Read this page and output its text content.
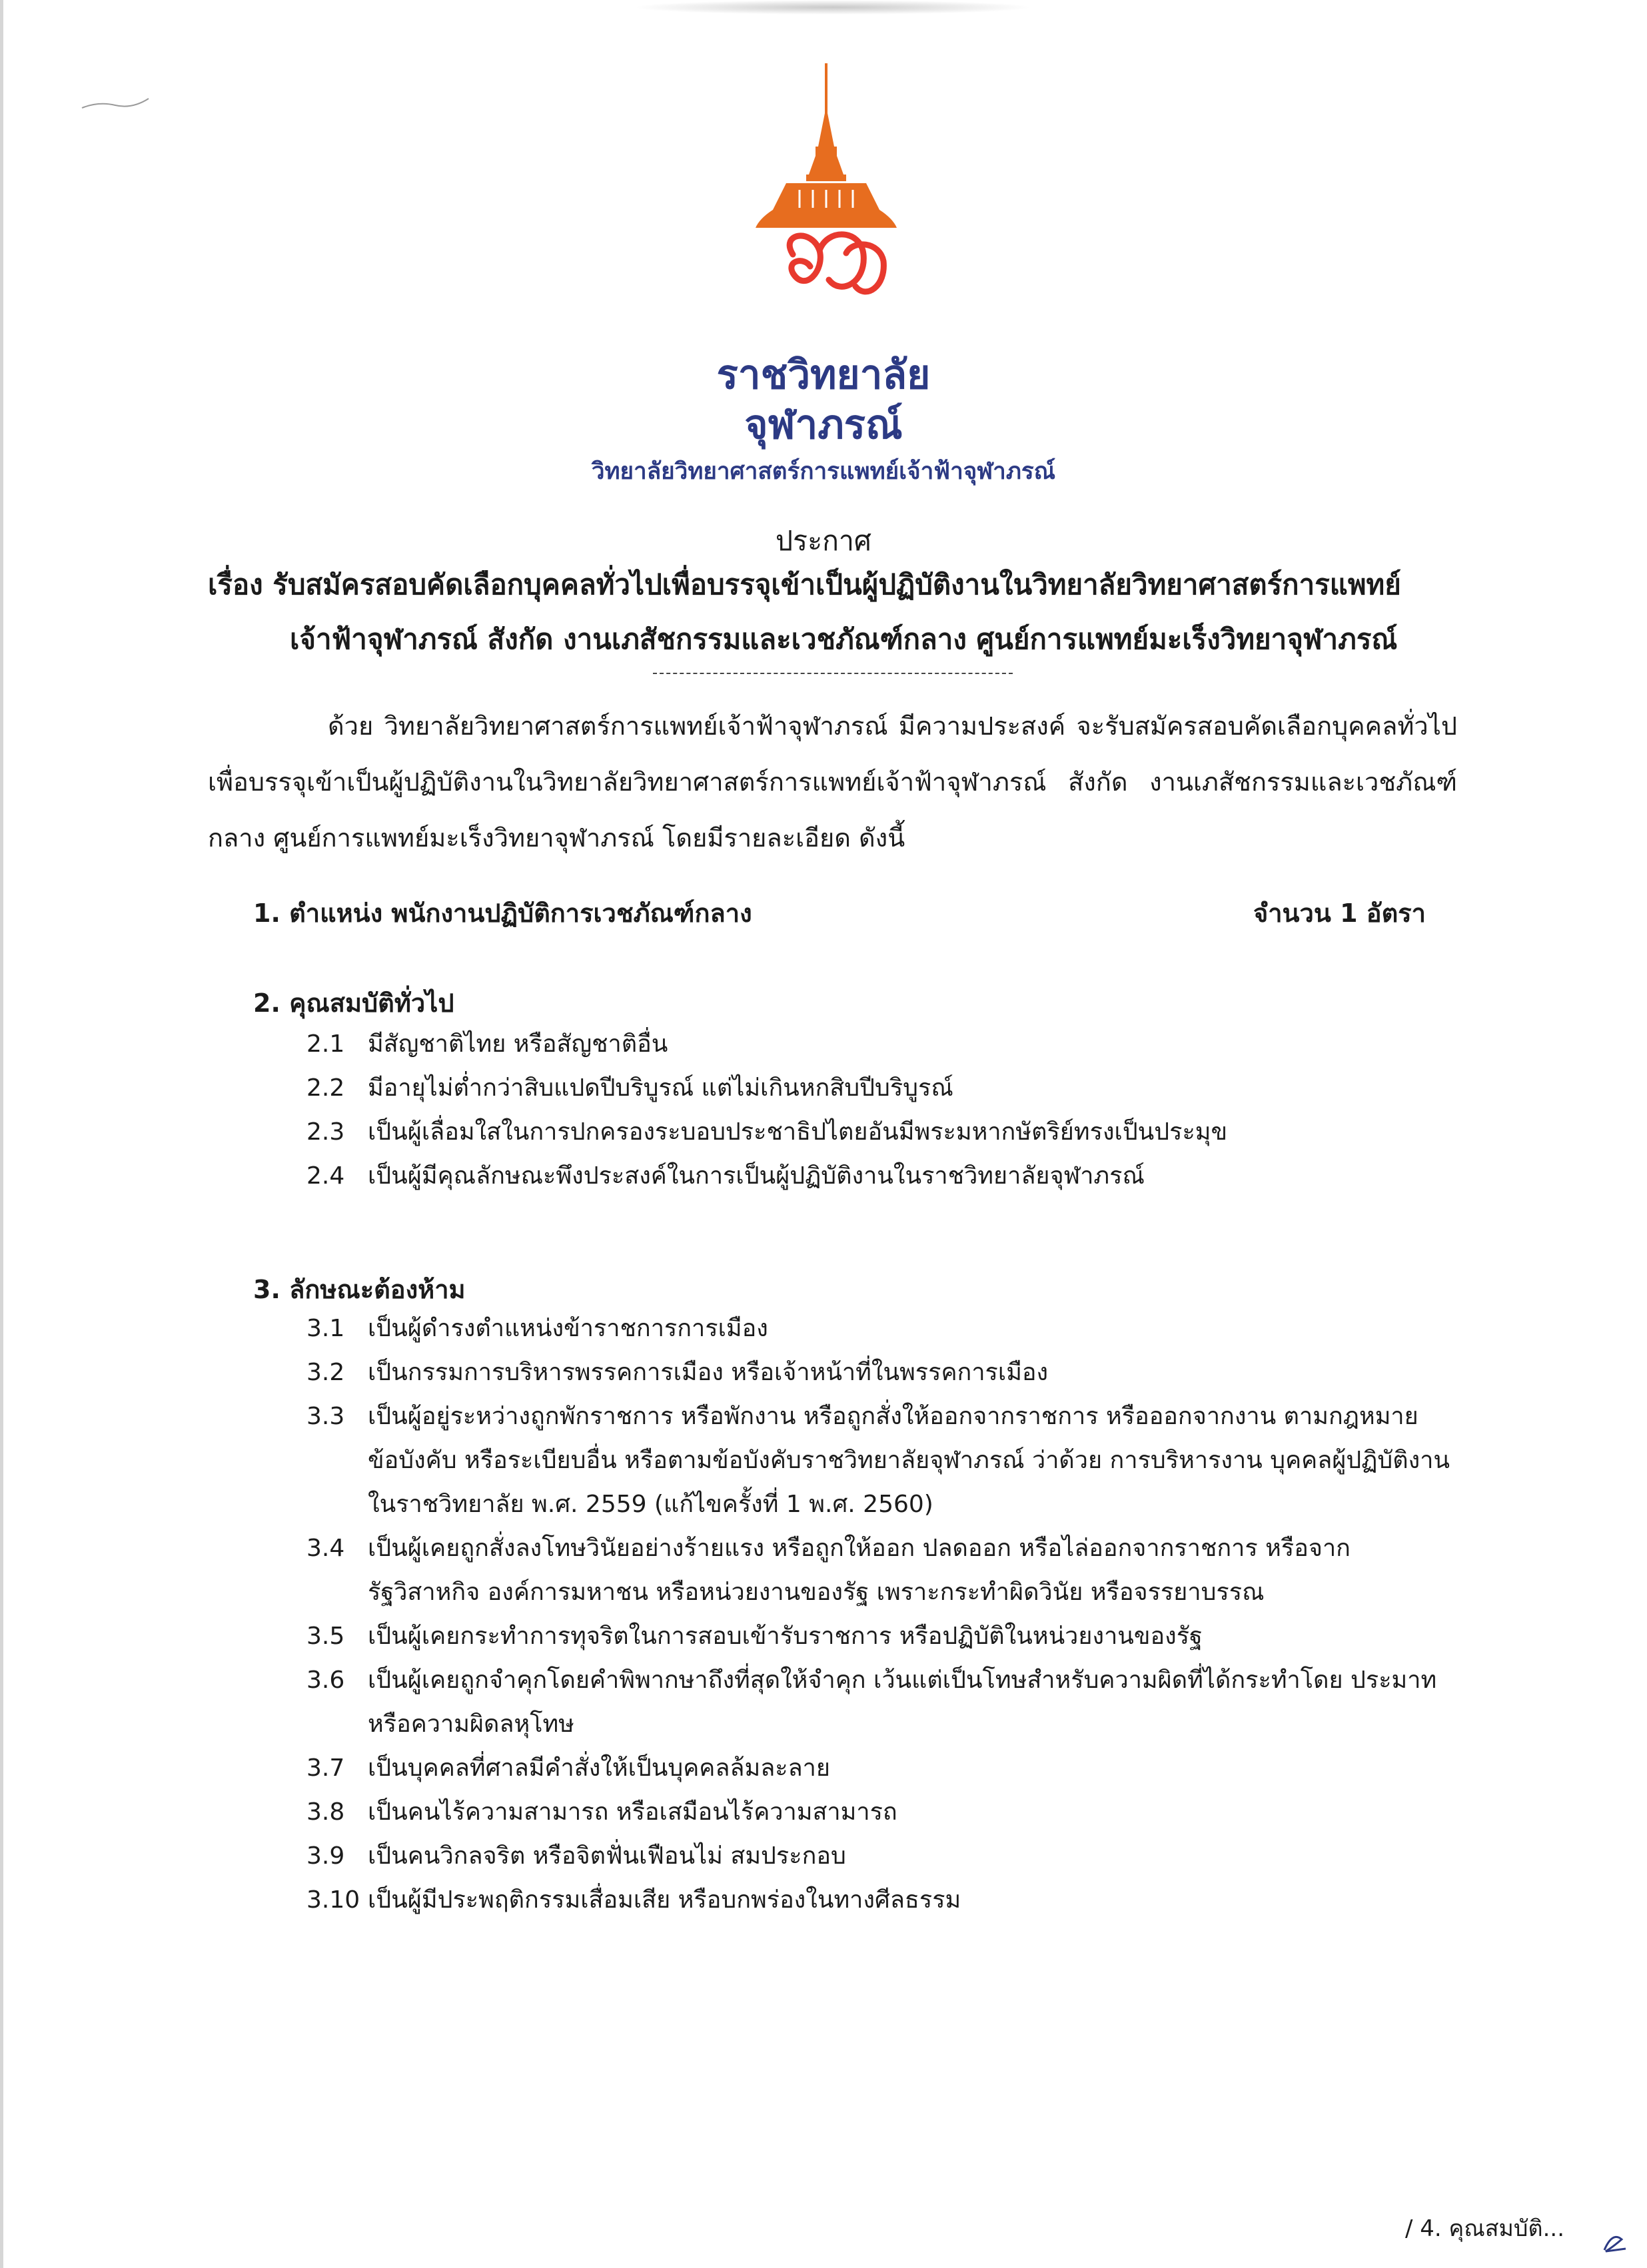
ราชวิทยาลัย
จุฬาภรณ์
วิทยาลัยวิทยาศาสตร์การแพทย์เจ้าฟ้าจุฬาภรณ์
ประกาศ
เรื่อง รับสมัครสอบคัดเลือกบุคคลทั่วไปเพื่อบรรจุเข้าเป็นผู้ปฏิบัติงานในวิทยาลัยวิทยาศาสตร์การแพทย์
เจ้าฟ้าจุฬาภรณ์ สังกัด งานเภสัชกรรมและเวชภัณฑ์กลาง ศูนย์การแพทย์มะเร็งวิทยาจุฬาภรณ์
ด้วย วิทยาลัยวิทยาศาสตร์การแพทย์เจ้าฟ้าจุฬาภรณ์ มีความประสงค์ จะรับสมัครสอบคัดเลือกบุคคลทั่วไป เพื่อบรรจุเข้าเป็นผู้ปฏิบัติงานในวิทยาลัยวิทยาศาสตร์การแพทย์เจ้าฟ้าจุฬาภรณ์ สังกัด งานเภสัชกรรมและเวชภัณฑ์กลาง ศูนย์การแพทย์มะเร็งวิทยาจุฬาภรณ์ โดยมีรายละเอียด ดังนี้
1. ตำแหน่ง พนักงานปฏิบัติการเวชภัณฑ์กลาง	จำนวน 1 อัตรา
2. คุณสมบัติทั่วไป
2.1 มีสัญชาติไทย หรือสัญชาติอื่น
2.2 มีอายุไม่ต่ำกว่าสิบแปดปีบริบูรณ์ แต่ไม่เกินหกสิบปีบริบูรณ์
2.3 เป็นผู้เลื่อมใสในการปกครองระบอบประชาธิปไตยอันมีพระมหากษัตริย์ทรงเป็นประมุข
2.4 เป็นผู้มีคุณลักษณะพึงประสงค์ในการเป็นผู้ปฏิบัติงานในราชวิทยาลัยจุฬาภรณ์
3. ลักษณะต้องห้าม
3.1 เป็นผู้ดำรงตำแหน่งข้าราชการการเมือง
3.2 เป็นกรรมการบริหารพรรคการเมือง หรือเจ้าหน้าที่ในพรรคการเมือง
3.3 เป็นผู้อยู่ระหว่างถูกพักราชการ หรือพักงาน หรือถูกสั่งให้ออกจากราชการ หรือออกจากงาน ตามกฎหมาย ข้อบังคับ หรือระเบียบอื่น หรือตามข้อบังคับราชวิทยาลัยจุฬาภรณ์ ว่าด้วย การบริหารงาน บุคคลผู้ปฏิบัติงานในราชวิทยาลัย พ.ศ. 2559 (แก้ไขครั้งที่ 1 พ.ศ. 2560)
3.4 เป็นผู้เคยถูกสั่งลงโทษวินัยอย่างร้ายแรง หรือถูกให้ออก ปลดออก หรือไล่ออกจากราชการ หรือจาก รัฐวิสาหกิจ องค์การมหาชน หรือหน่วยงานของรัฐ เพราะกระทำผิดวินัย หรือจรรยาบรรณ
3.5 เป็นผู้เคยกระทำการทุจริตในการสอบเข้ารับราชการ หรือปฏิบัติในหน่วยงานของรัฐ
3.6 เป็นผู้เคยถูกจำคุกโดยคำพิพากษาถึงที่สุดให้จำคุก เว้นแต่เป็นโทษสำหรับความผิดที่ได้กระทำโดย ประมาทหรือความผิดลหุโทษ
3.7 เป็นบุคคลที่ศาลมีคำสั่งให้เป็นบุคคลล้มละลาย
3.8 เป็นคนไร้ความสามารถ หรือเสมือนไร้ความสามารถ
3.9 เป็นคนวิกลจริต หรือจิตฟั่นเฟือนไม่ สมประกอบ
3.10 เป็นผู้มีประพฤติกรรมเสื่อมเสีย หรือบกพร่องในทางศีลธรรม
/ 4. คุณสมบัติ...
